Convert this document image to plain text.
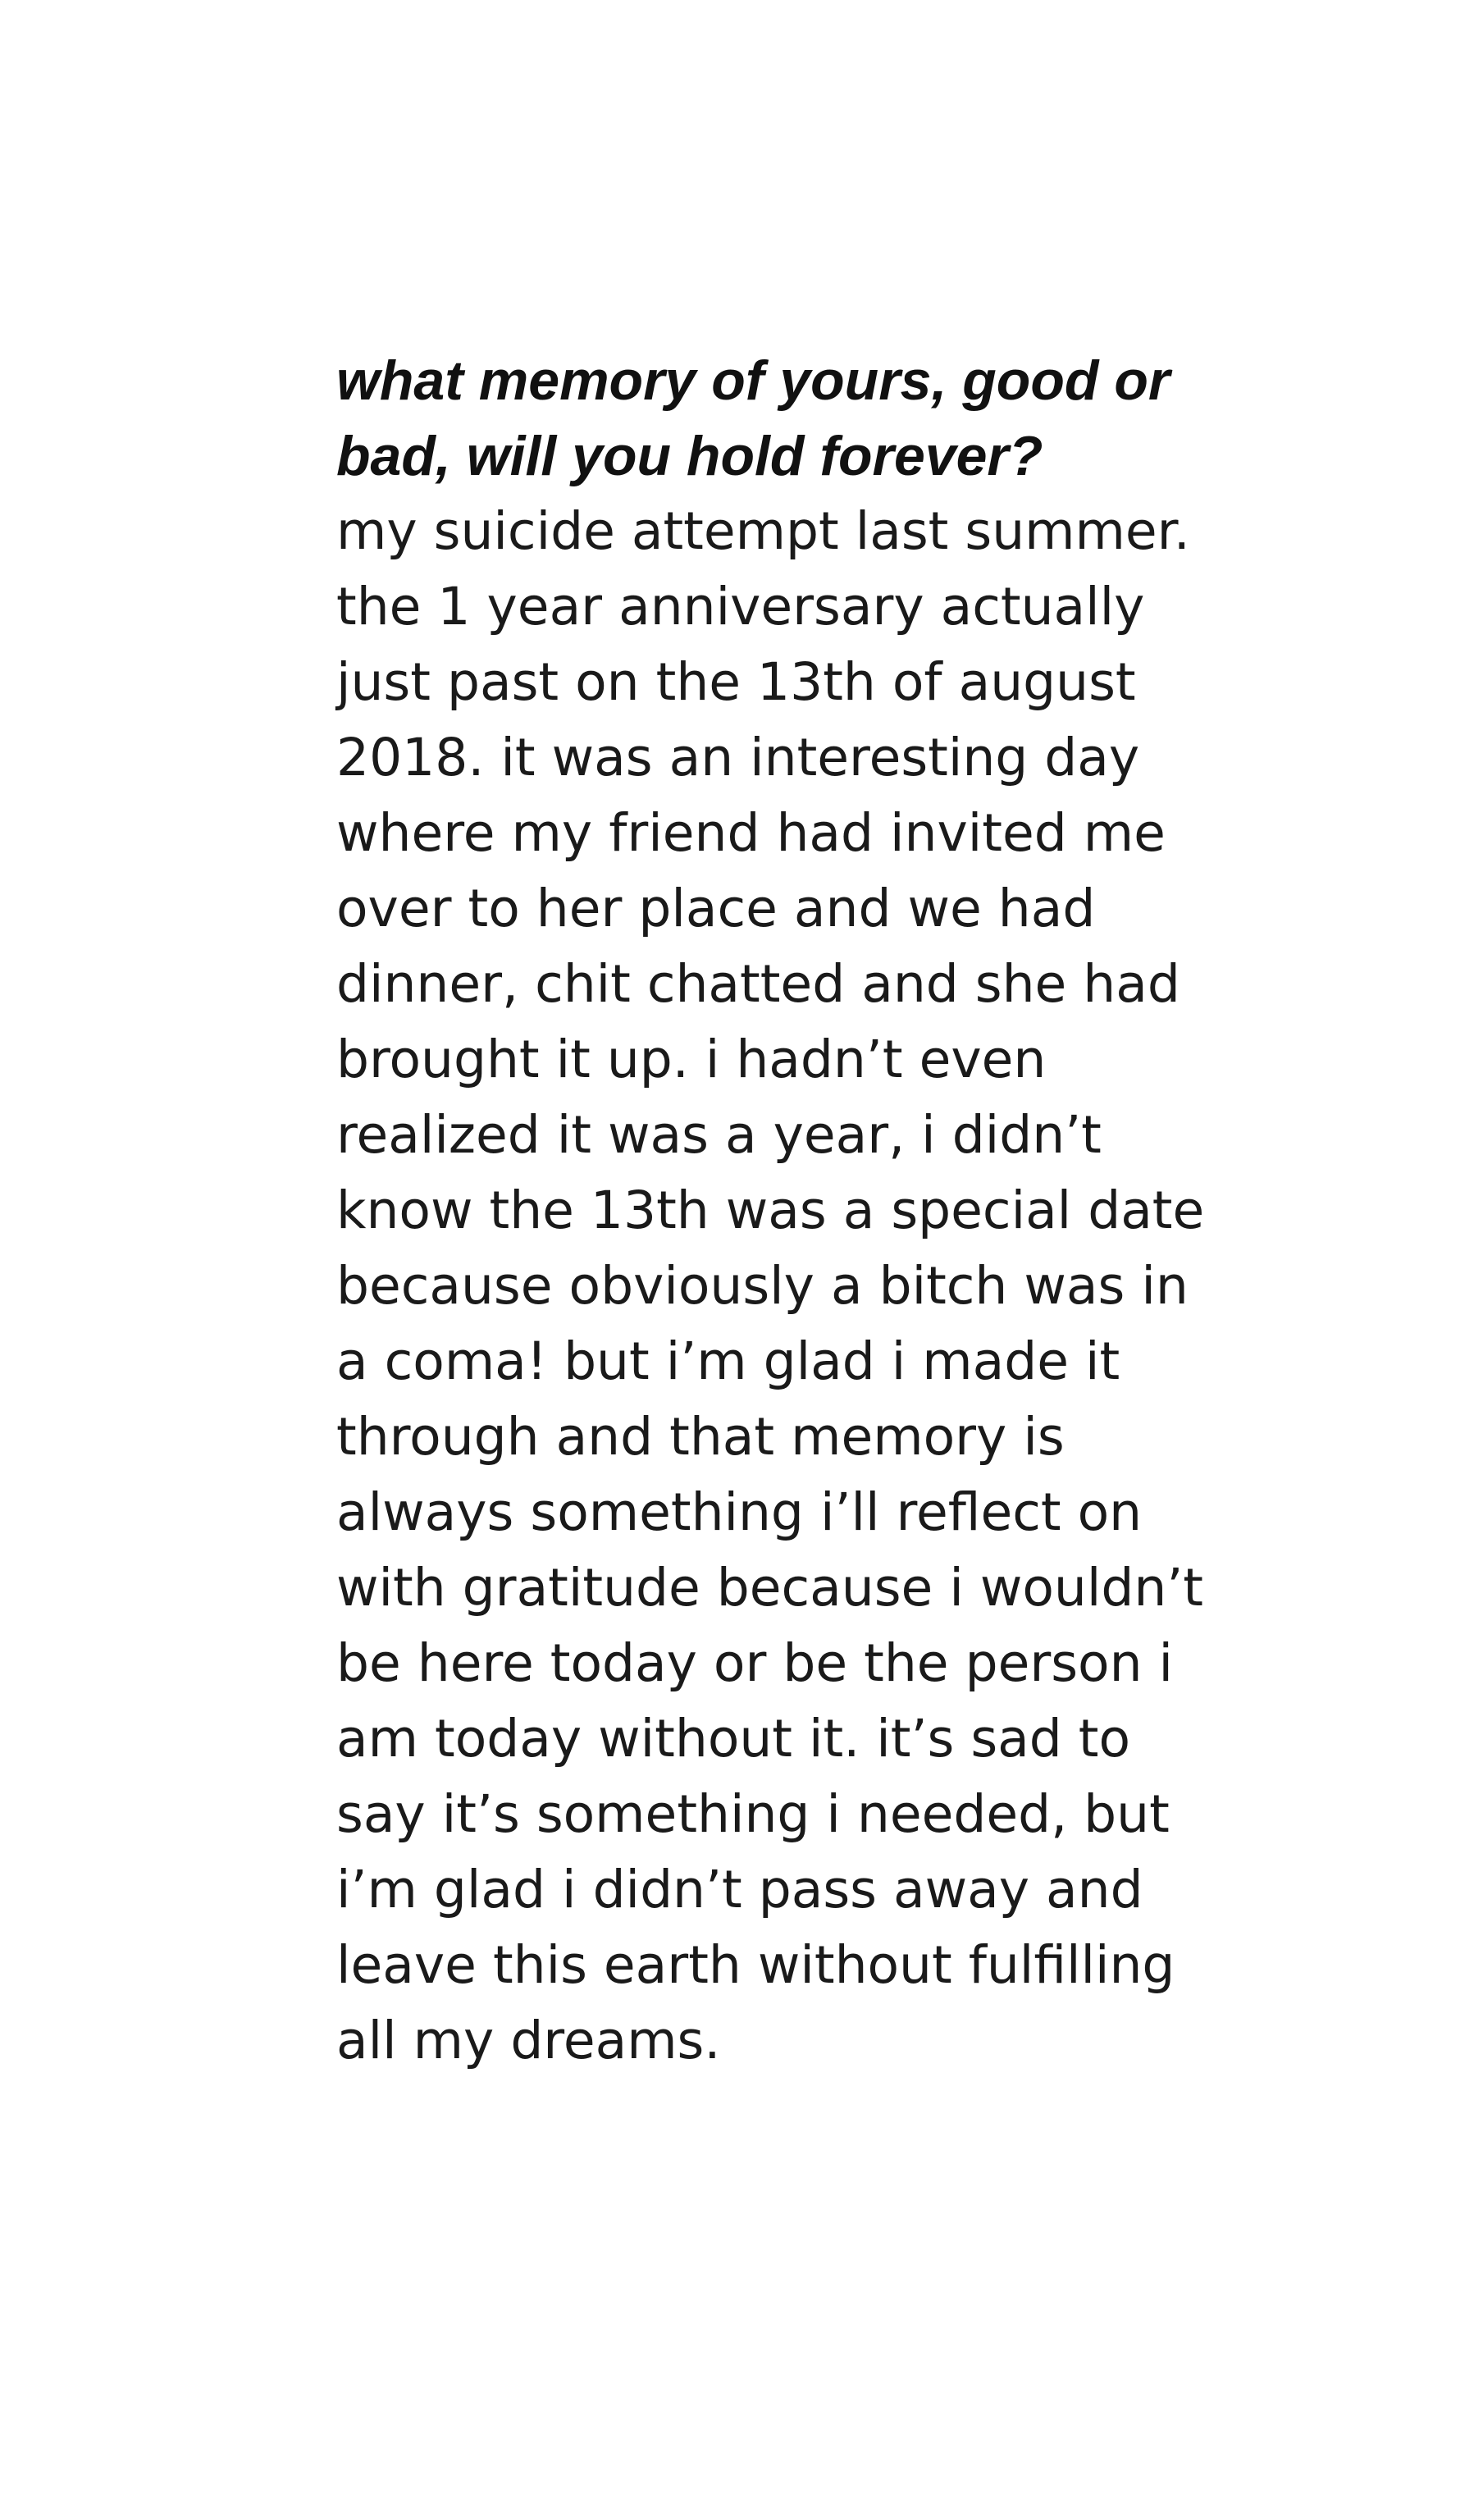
what memory of yours, good or
bad, will you hold forever?

my suicide attempt last summer.
the 1 year anniversary actually
just past on the 13th of august
2018. it was an interesting day
where my friend had invited me
over to her place and we had
dinner, chit chatted and she had
brought it up. i hadn’t even
realized it was a year, i didn’t
know the 13th was a special date
because obviously a bitch was in
a coma! but i’m glad i made it
through and that memory is
always something i’ll reflect on
with gratitude because i wouldn’t
be here today or be the person i
am today without it. it’s sad to
say it’s something i needed, but
i’m glad i didn’t pass away and
leave this earth without fulfilling
all my dreams.
